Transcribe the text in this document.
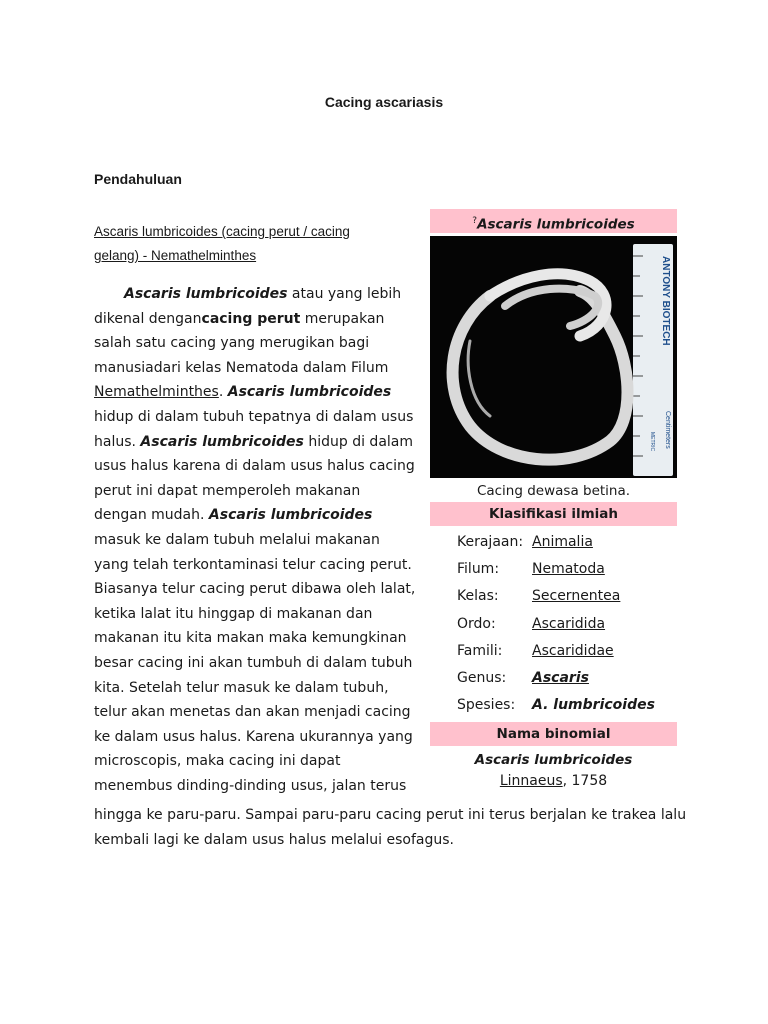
Cacing ascariasis
Pendahuluan
Ascaris lumbricoides (cacing perut / cacing gelang) - Nemathelminthes

Ascaris lumbricoides atau yang lebih dikenal dengancacing perut merupakan salah satu cacing yang merugikan bagi manusiadari kelas Nematoda dalam Filum Nemathelminthes. Ascaris lumbricoides hidup di dalam tubuh tepatnya di dalam usus halus. Ascaris lumbricoides hidup di dalam usus halus karena di dalam usus halus cacing perut ini dapat memperoleh makanan dengan mudah. Ascaris lumbricoides masuk ke dalam tubuh melalui makanan yang telah terkontaminasi telur cacing perut. Biasanya telur cacing perut dibawa oleh lalat, ketika lalat itu hinggap di makanan dan makanan itu kita makan maka kemungkinan besar cacing ini akan tumbuh di dalam tubuh kita. Setelah telur masuk ke dalam tubuh, telur akan menetas dan akan menjadi cacing ke dalam usus halus. Karena ukurannya yang microscopis, maka cacing ini dapat menembus dinding-dinding usus, jalan terus

hingga ke paru-paru. Sampai paru-paru cacing perut ini terus berjalan ke trakea lalu kembali lagi ke dalam usus halus melalui esofagus.

?Ascaris lumbricoides
ANTONY BIOTECH
Centimeters
METRIC
Cacing dewasa betina.
Klasifikasi ilmiah
Kerajaan: Animalia
Filum:	Nematoda
Kelas:	Secernentea
Ordo:	Ascaridida
Famili:	Ascarididae
Genus:	Ascaris
Spesies:	A. lumbricoides
Nama binomial
Ascaris lumbricoides
Linnaeus, 1758
